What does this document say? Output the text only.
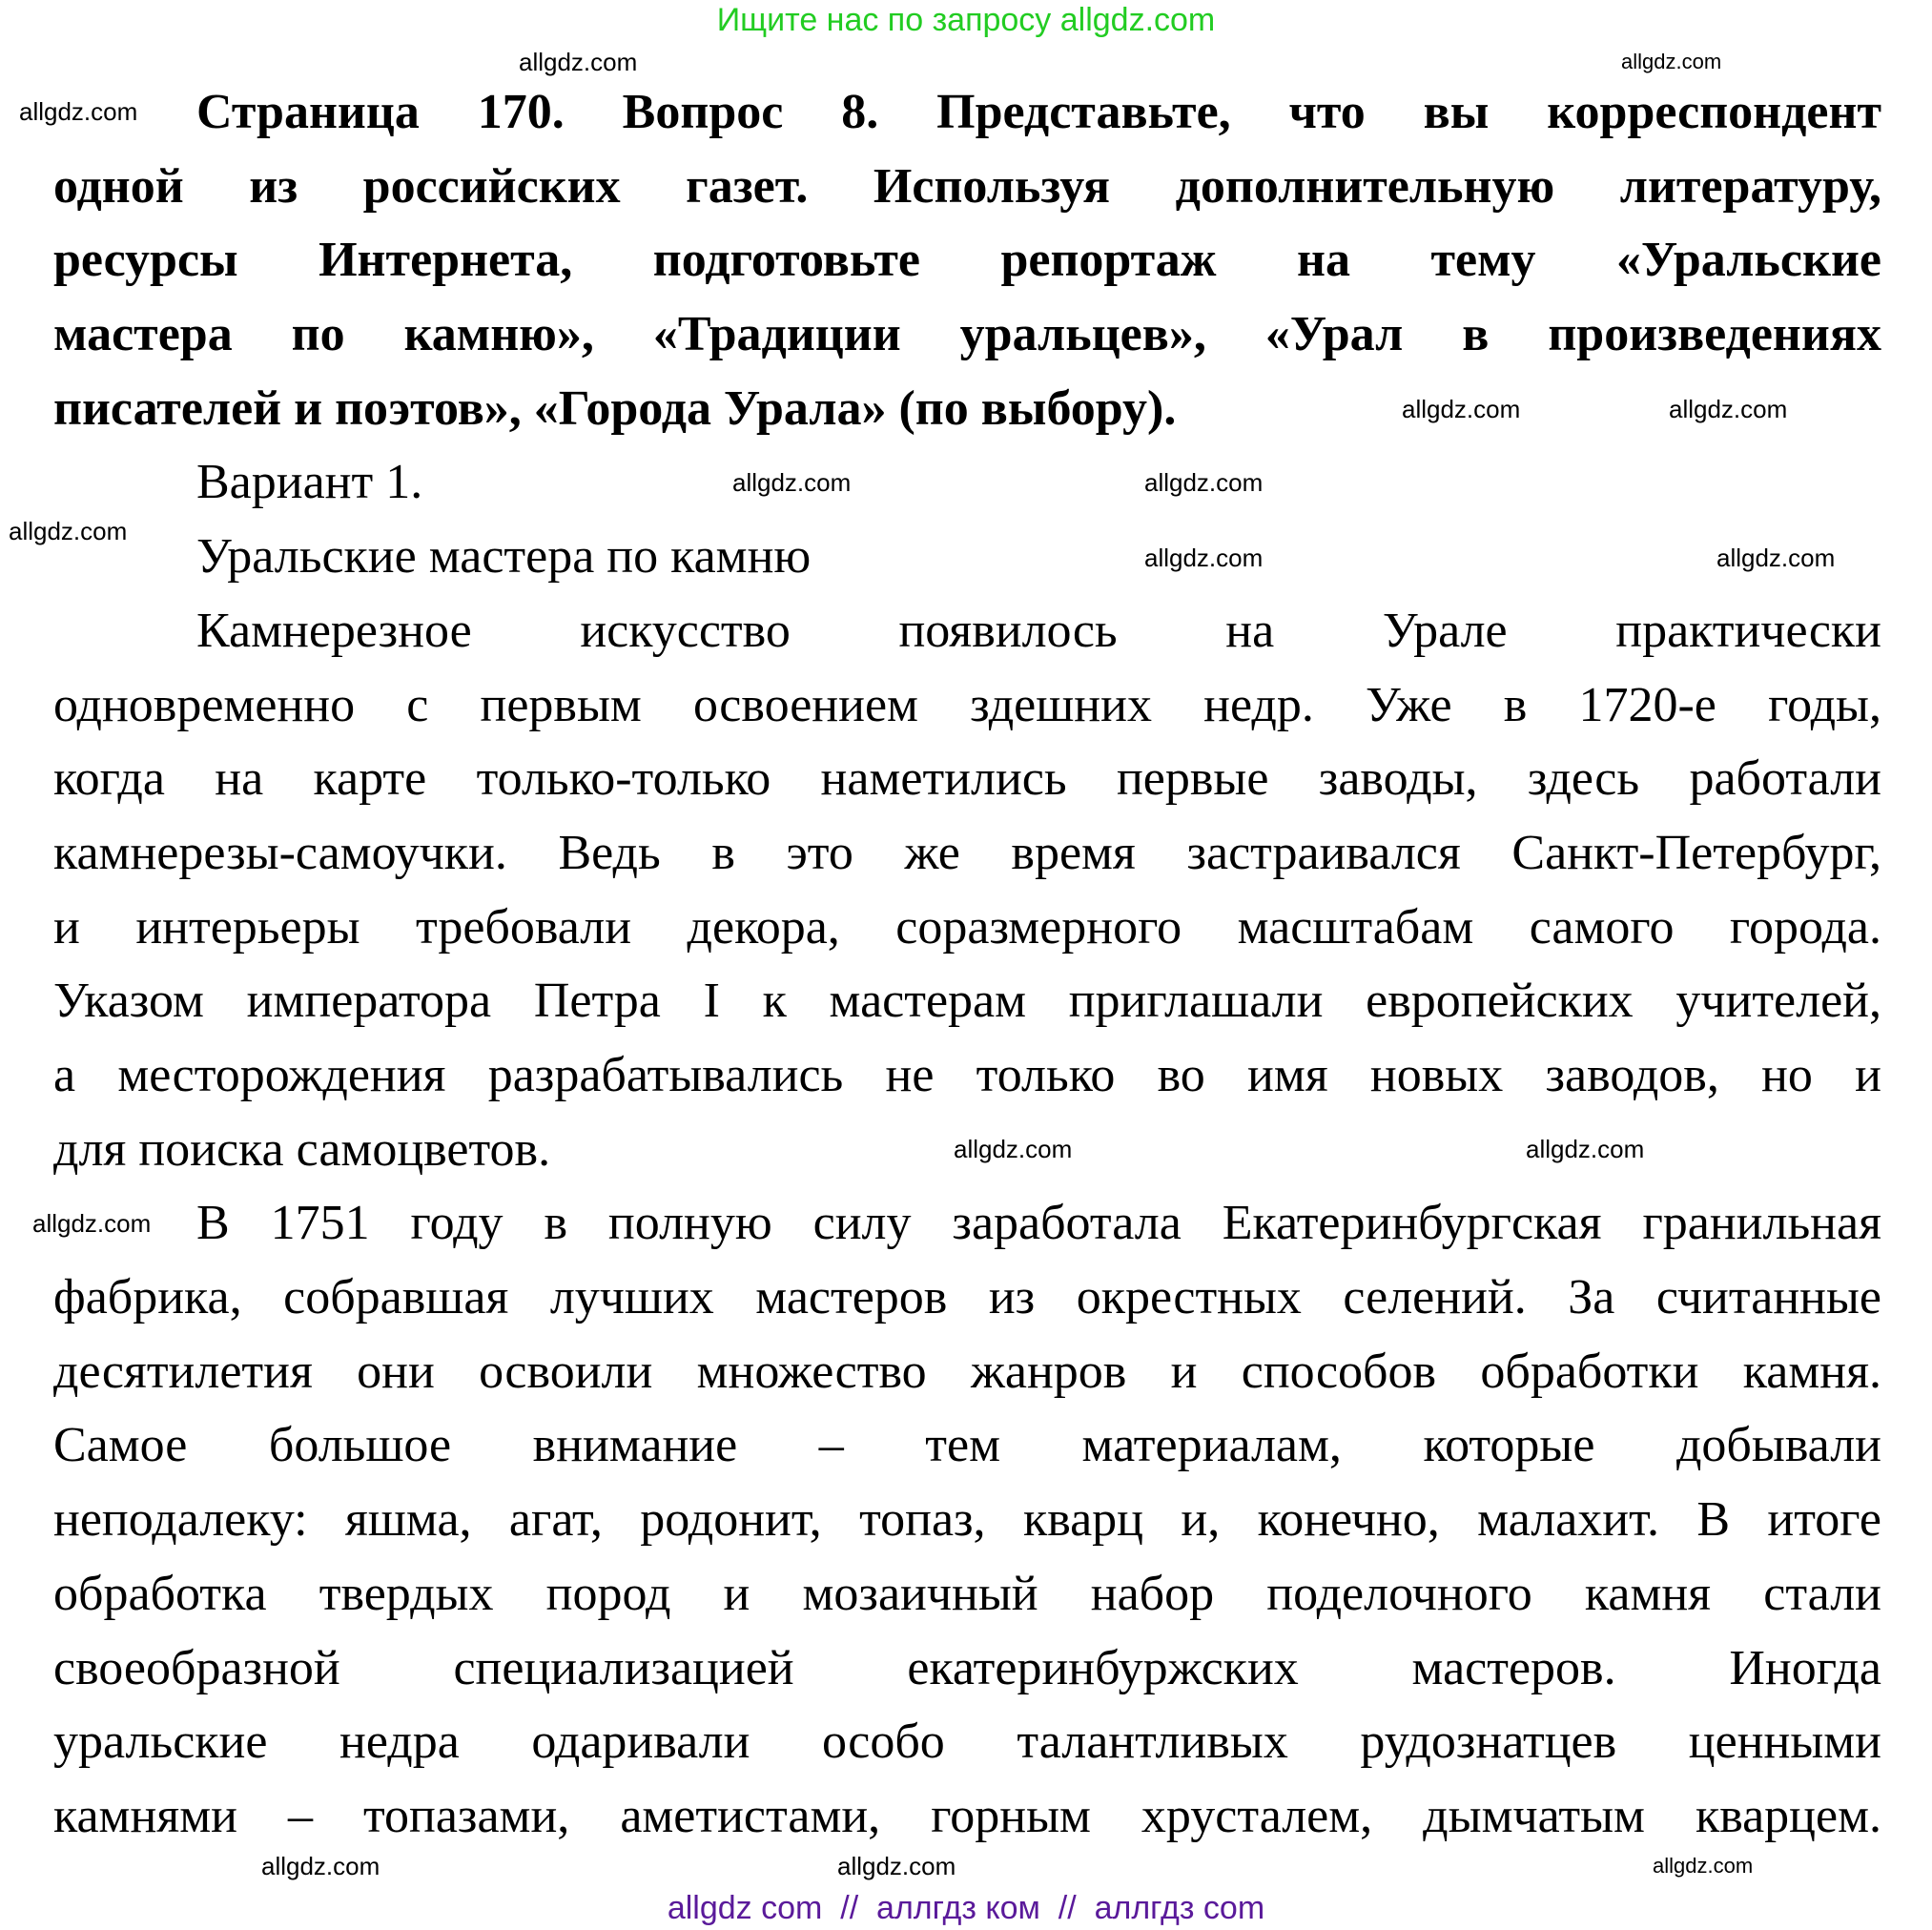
Ищите нас по запросу allgdz.com
Страница 170. Вопрос 8. Представьте, что вы корреспондент
одной из российских газет. Используя дополнительную литературу,
ресурсы Интернета, подготовьте репортаж на тему «Уральские
мастера по камню», «Традиции уральцев», «Урал в произведениях
писателей и поэтов», «Города Урала» (по выбору).
Вариант 1.
Уральские мастера по камню
Камнерезное искусство появилось на Урале практически
одновременно с первым освоением здешних недр. Уже в 1720-е годы,
когда на карте только-только наметились первые заводы, здесь работали
камнерезы-самоучки. Ведь в это же время застраивался Санкт-Петербург,
и интерьеры требовали декора, соразмерного масштабам самого города.
Указом императора Петра I к мастерам приглашали европейских учителей,
а месторождения разрабатывались не только во имя новых заводов, но и
для поиска самоцветов.
В 1751 году в полную силу заработала Екатеринбургская гранильная
фабрика, собравшая лучших мастеров из окрестных селений. За считанные
десятилетия они освоили множество жанров и способов обработки камня.
Самое большое внимание – тем материалам, которые добывали
неподалеку: яшма, агат, родонит, топаз, кварц и, конечно, малахит. В итоге
обработка твердых пород и мозаичный набор поделочного камня стали
своеобразной специализацией екатеринбуржских мастеров. Иногда
уральские недра одаривали особо талантливых рудознатцев ценными
камнями – топазами, аметистами, горным хрусталем, дымчатым кварцем.
allgdz.com	allgdz.com
allgdz.com
allgdz.com	allgdz.com
allgdz.com	allgdz.com
allgdz.com
allgdz.com	allgdz.com
allgdz.com	allgdz.com
allgdz.com
allgdz.com	allgdz.com	allgdz.com
allgdz com  //  аллгдз ком  //  аллгдз com
